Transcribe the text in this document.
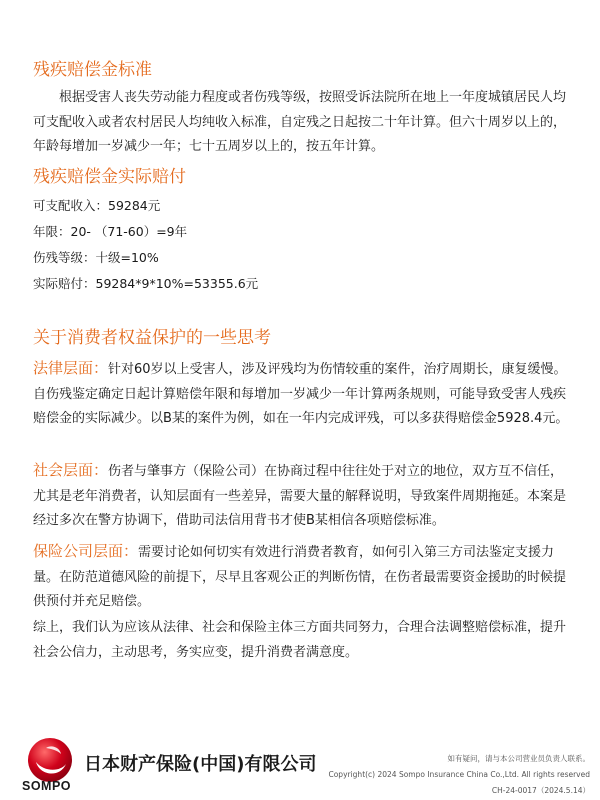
残疾赔偿金标准
根据受害人丧失劳动能力程度或者伤残等级，按照受诉法院所在地上一年度城镇居民人均可支配收入或者农村居民人均纯收入标准，自定残之日起按二十年计算。但六十周岁以上的，年龄每增加一岁减少一年；七十五周岁以上的，按五年计算。
残疾赔偿金实际赔付
可支配收入：59284元
年限：20- （71-60）=9年
伤残等级：十级=10%
实际赔付：59284*9*10%=53355.6元
关于消费者权益保护的一些思考
法律层面：针对60岁以上受害人，涉及评残均为伤情较重的案件，治疗周期长，康复缓慢。自伤残鉴定确定日起计算赔偿年限和每增加一岁减少一年计算两条规则，可能导致受害人残疾赔偿金的实际减少。以B某的案件为例，如在一年内完成评残，可以多获得赔偿金5928.4元。
社会层面：伤者与肇事方（保险公司）在协商过程中往往处于对立的地位，双方互不信任，尤其是老年消费者，认知层面有一些差异，需要大量的解释说明，导致案件周期拖延。本案是经过多次在警方协调下，借助司法信用背书才使B某相信各项赔偿标准。
保险公司层面：需要讨论如何切实有效进行消费者教育，如何引入第三方司法鉴定支援力量。在防范道德风险的前提下，尽早且客观公正的判断伤情，在伤者最需要资金援助的时候提供预付并充足赔偿。
综上，我们认为应该从法律、社会和保险主体三方面共同努力，合理合法调整赔偿标准，提升社会公信力，主动思考，务实应变，提升消费者满意度。
SOMPO
日本财产保险(中国)有限公司	如有疑问，请与本公司营业员负责人联系。
Copyright(c) 2024 Sompo Insurance China Co.,Ltd. All rights reserved
CH-24-0017（2024.5.14）
